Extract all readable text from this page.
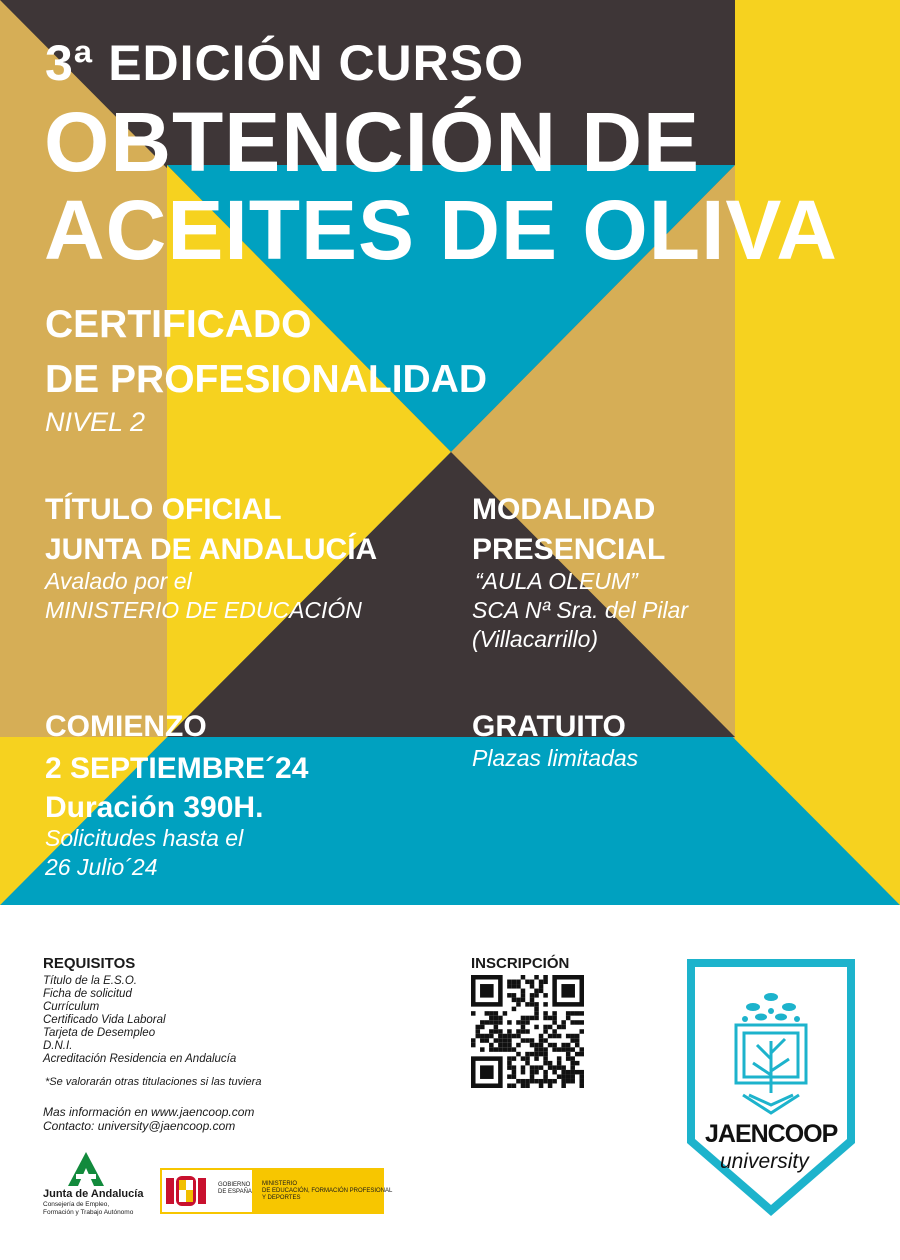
3ª EDICIÓN CURSO
OBTENCIÓN DE
ACEITES DE OLIVA
CERTIFICADO
DE PROFESIONALIDAD
NIVEL 2
TÍTULO OFICIAL
JUNTA DE ANDALUCÍA
Avalado por el
MINISTERIO DE EDUCACIÓN
MODALIDAD
PRESENCIAL
“AULA OLEUM”
SCA Nª Sra. del Pilar
(Villacarrillo)
COMIENZO
2 SEPTIEMBRE´24
Duración 390H.
Solicitudes hasta el
26 Julio´24
GRATUITO
Plazas limitadas
REQUISITOS
Título de la E.S.O.
Ficha de solicitud
Currículum
Certificado Vida Laboral
Tarjeta de Desempleo
D.N.I.
Acreditación Residencia en Andalucía
*Se valorarán otras titulaciones si las tuviera
Mas información en www.jaencoop.com
Contacto: university@jaencoop.com
Junta de Andalucía
Consejería de Empleo,
Formación y Trabajo Autónomo
GOBIERNO
DE ESPAÑA
MINISTERIO
DE EDUCACIÓN, FORMACIÓN PROFESIONAL
Y DEPORTES
INSCRIPCIÓN
JAENCOOP
university
